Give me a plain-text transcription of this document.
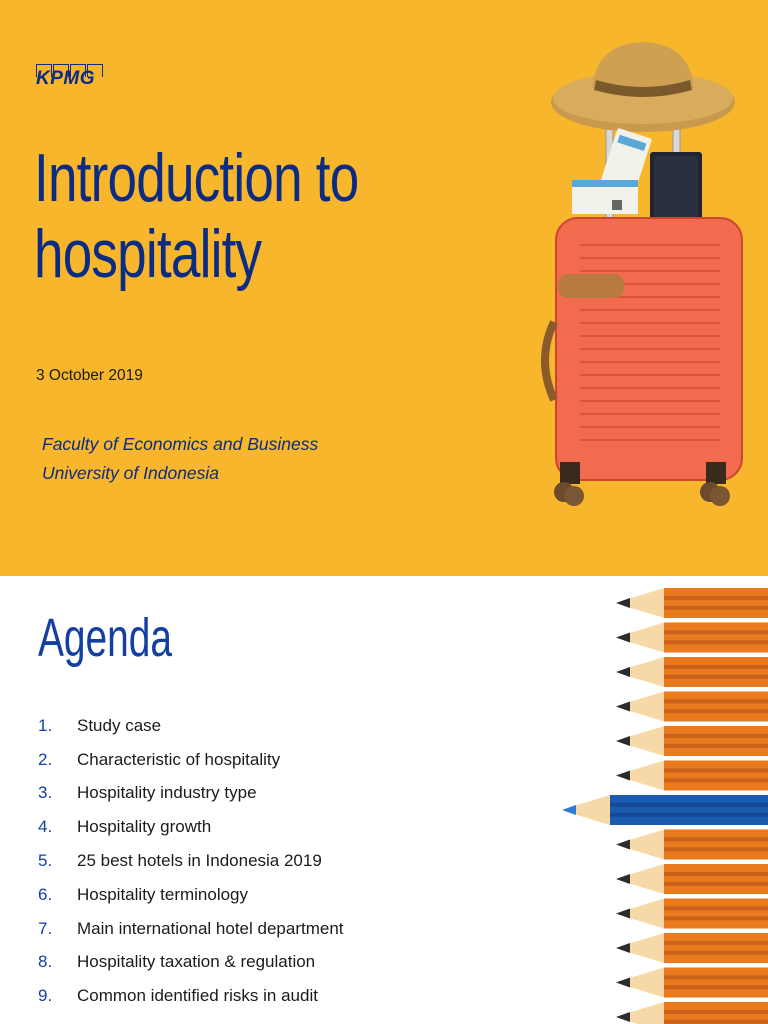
KPMG
Introduction to
hospitality
3 October 2019
Faculty of Economics and Business
University of Indonesia
Agenda
1.	Study case
2.	Characteristic of hospitality
3.	Hospitality industry type
4.	Hospitality growth
5.	25 best hotels in Indonesia 2019
6.	Hospitality terminology
7.	Main international hotel department
8.	Hospitality taxation & regulation
9.	Common identified risks in audit
